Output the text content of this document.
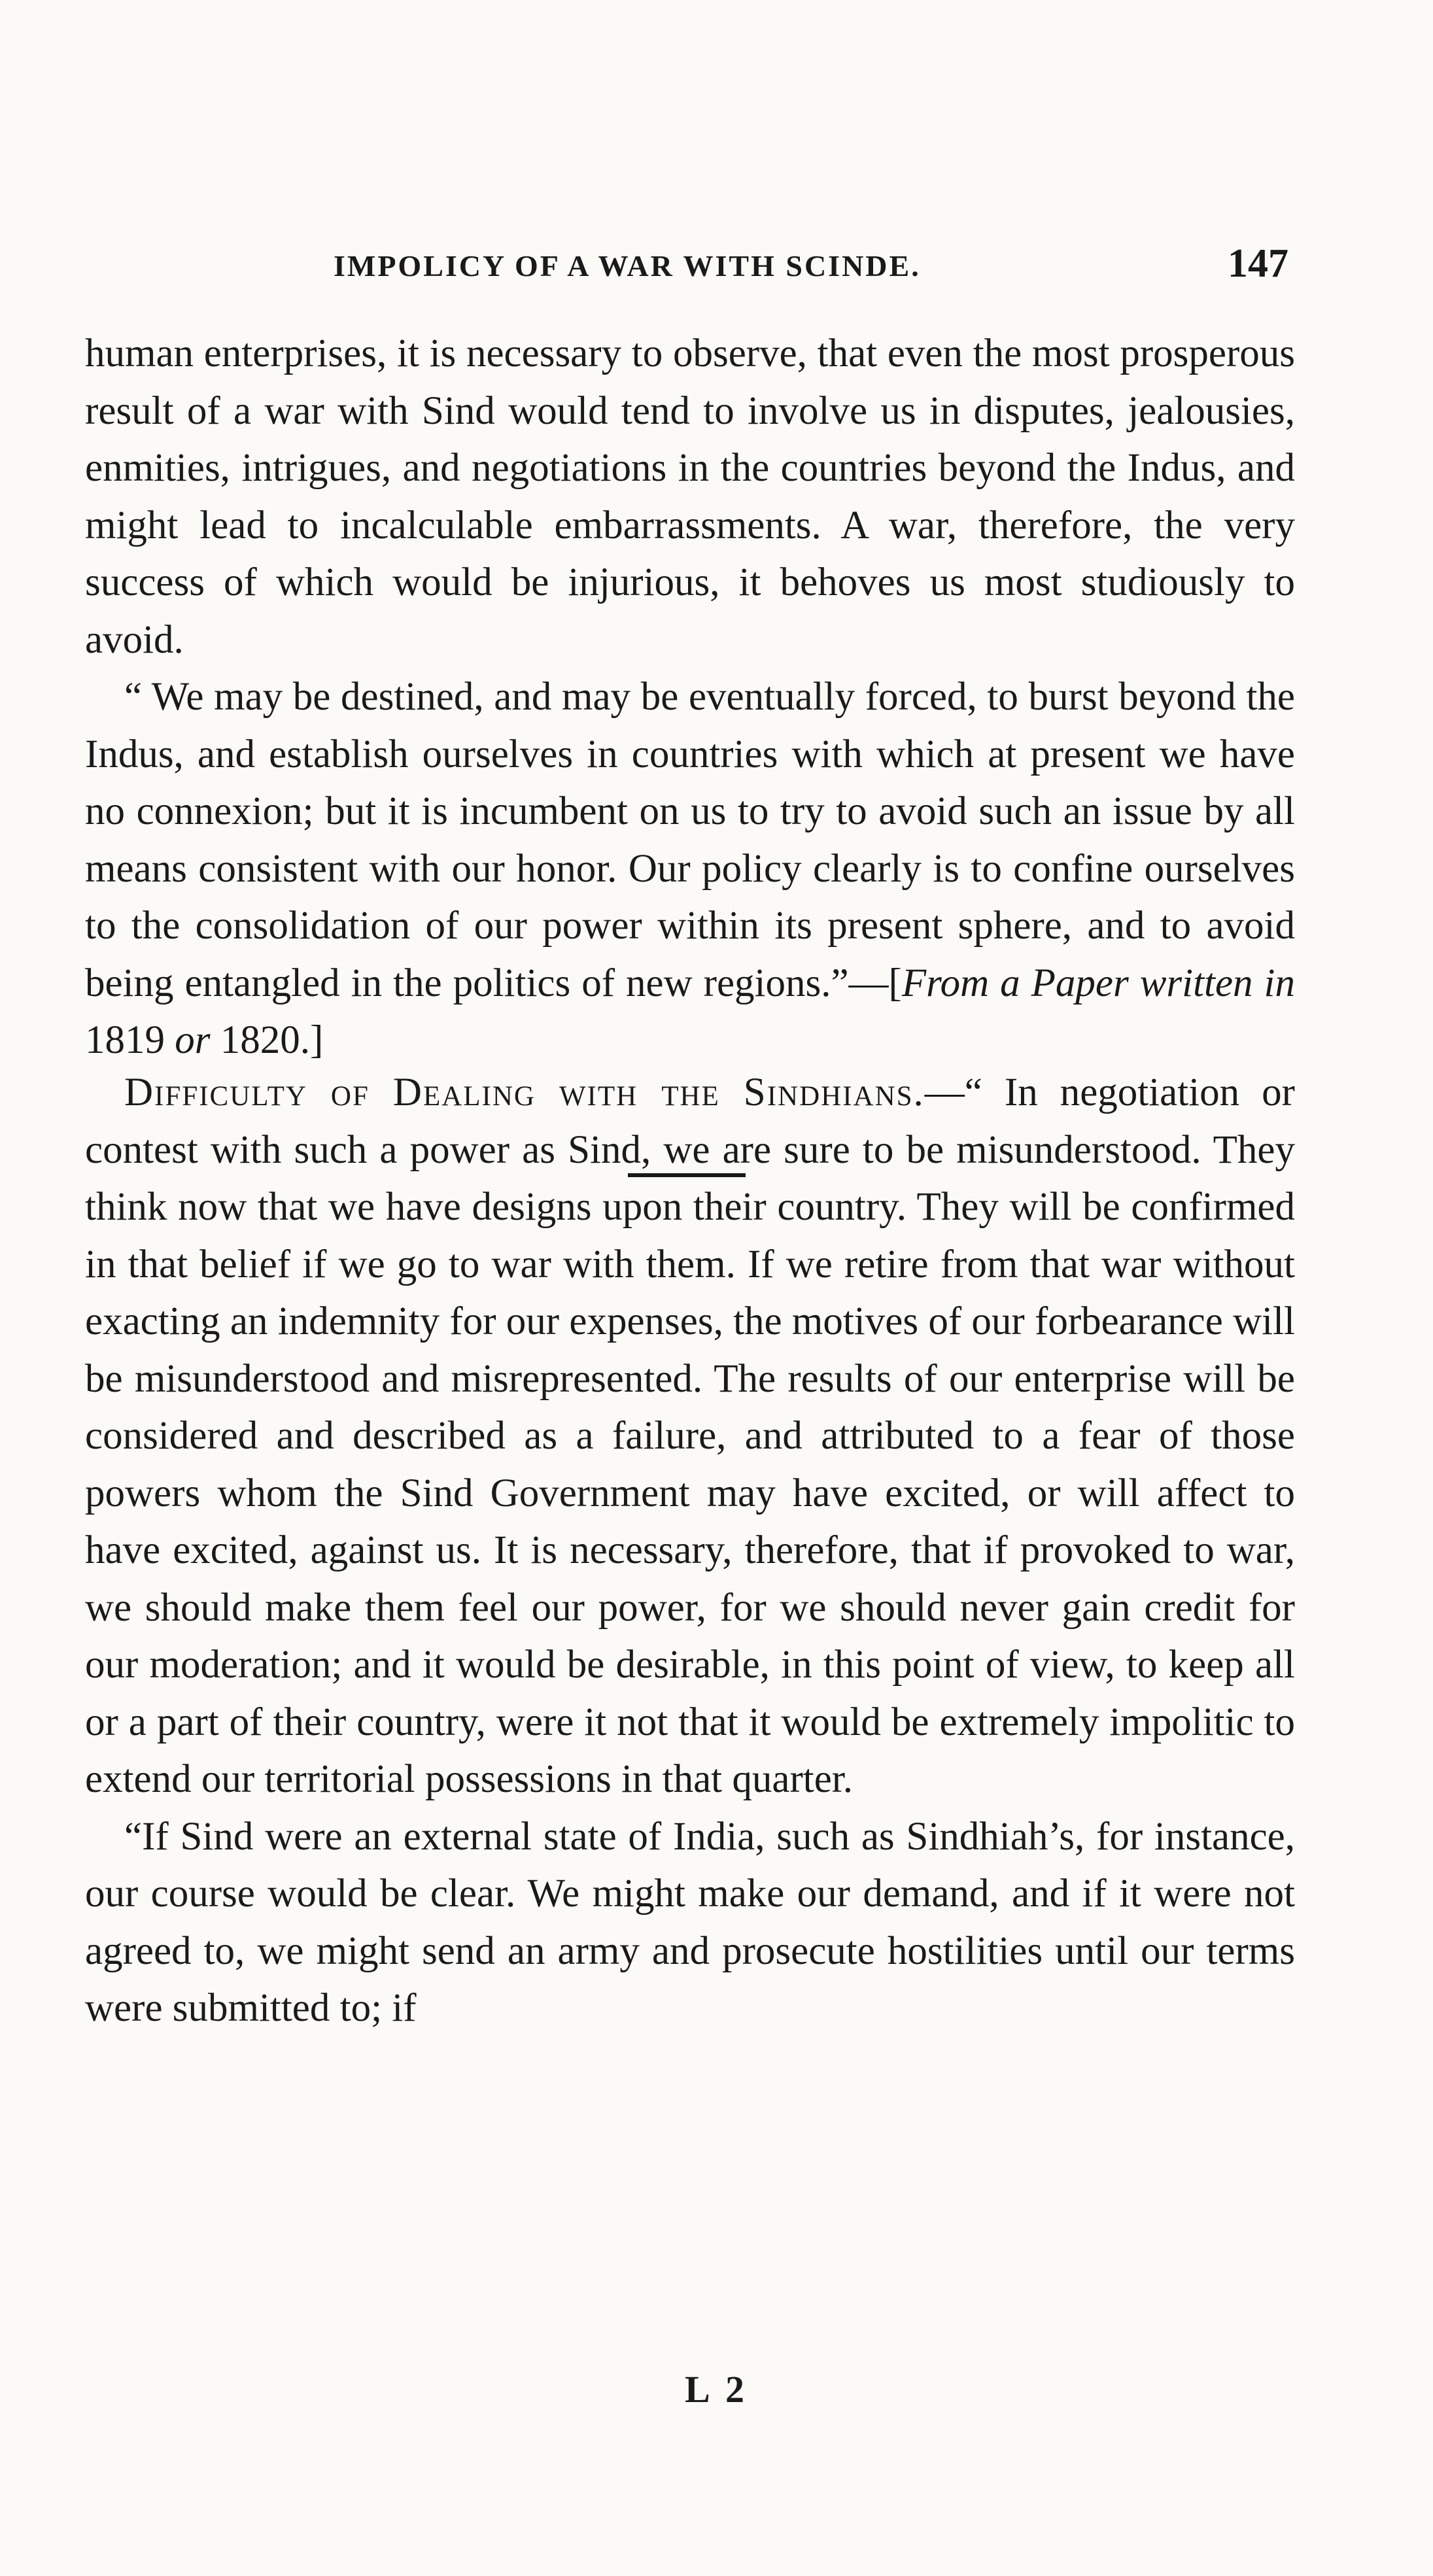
IMPOLICY OF A WAR WITH SCINDE.	147

human enterprises, it is necessary to observe, that even the most prosperous result of a war with Sind would tend to involve us in disputes, jealousies, enmities, intrigues, and negotiations in the countries beyond the Indus, and might lead to incalculable embarrassments. A war, therefore, the very success of which would be injurious, it behoves us most studiously to avoid.

“ We may be destined, and may be eventually forced, to burst beyond the Indus, and establish ourselves in countries with which at present we have no connexion; but it is incumbent on us to try to avoid such an issue by all means consistent with our honor. Our policy clearly is to confine ourselves to the consolidation of our power within its present sphere, and to avoid being entangled in the politics of new regions.”—[From a Paper written in 1819 or 1820.]

Difficulty of Dealing with the Sindhians.—“ In negotiation or contest with such a power as Sind, we are sure to be misunderstood. They think now that we have designs upon their country. They will be confirmed in that belief if we go to war with them. If we retire from that war without exacting an indemnity for our expenses, the motives of our forbearance will be misunderstood and misrepresented. The results of our enterprise will be considered and described as a failure, and attributed to a fear of those powers whom the Sind Government may have excited, or will affect to have excited, against us. It is necessary, therefore, that if provoked to war, we should make them feel our power, for we should never gain credit for our moderation; and it would be desirable, in this point of view, to keep all or a part of their country, were it not that it would be extremely impolitic to extend our territorial possessions in that quarter.

“If Sind were an external state of India, such as Sindhiah’s, for instance, our course would be clear. We might make our demand, and if it were not agreed to, we might send an army and prosecute hostilities until our terms were submitted to; if

L 2
